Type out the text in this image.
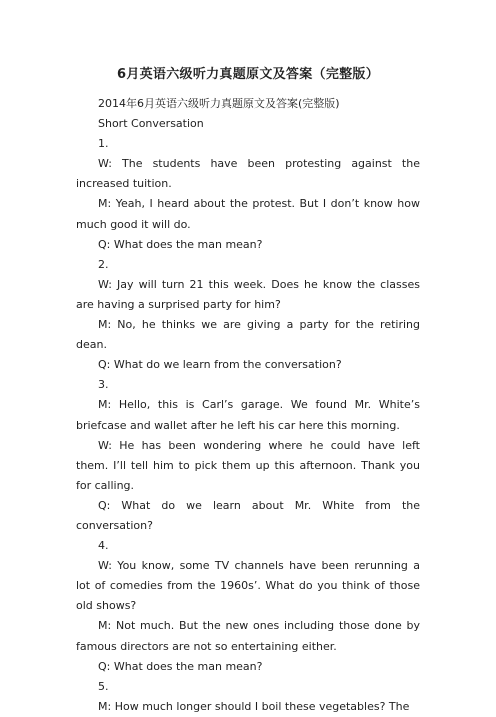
6月英语六级听力真题原文及答案（完整版）

2014年6月英语六级听力真题原文及答案(完整版)

Short Conversation

1.

W: The students have been protesting against the increased tuition.

M: Yeah, I heard about the protest. But I don’t know how much good it will do.

Q: What does the man mean?

2.

W: Jay will turn 21 this week. Does he know the classes are having a surprised party for him?

M: No, he thinks we are giving a party for the retiring dean.

Q: What do we learn from the conversation?

3.

M: Hello, this is Carl’s garage. We found Mr. White’s briefcase and wallet after he left his car here this morning.

W: He has been wondering where he could have left them. I’ll tell him to pick them up this afternoon. Thank you for calling.

Q: What do we learn about Mr. White from the conversation?

4.

W: You know, some TV channels have been rerunning a lot of comedies from the 1960s’. What do you think of those old shows?

M: Not much. But the new ones including those done by famous directors are not so entertaining either.

Q: What does the man mean?

5.

M: How much longer should I boil these vegetables? The
